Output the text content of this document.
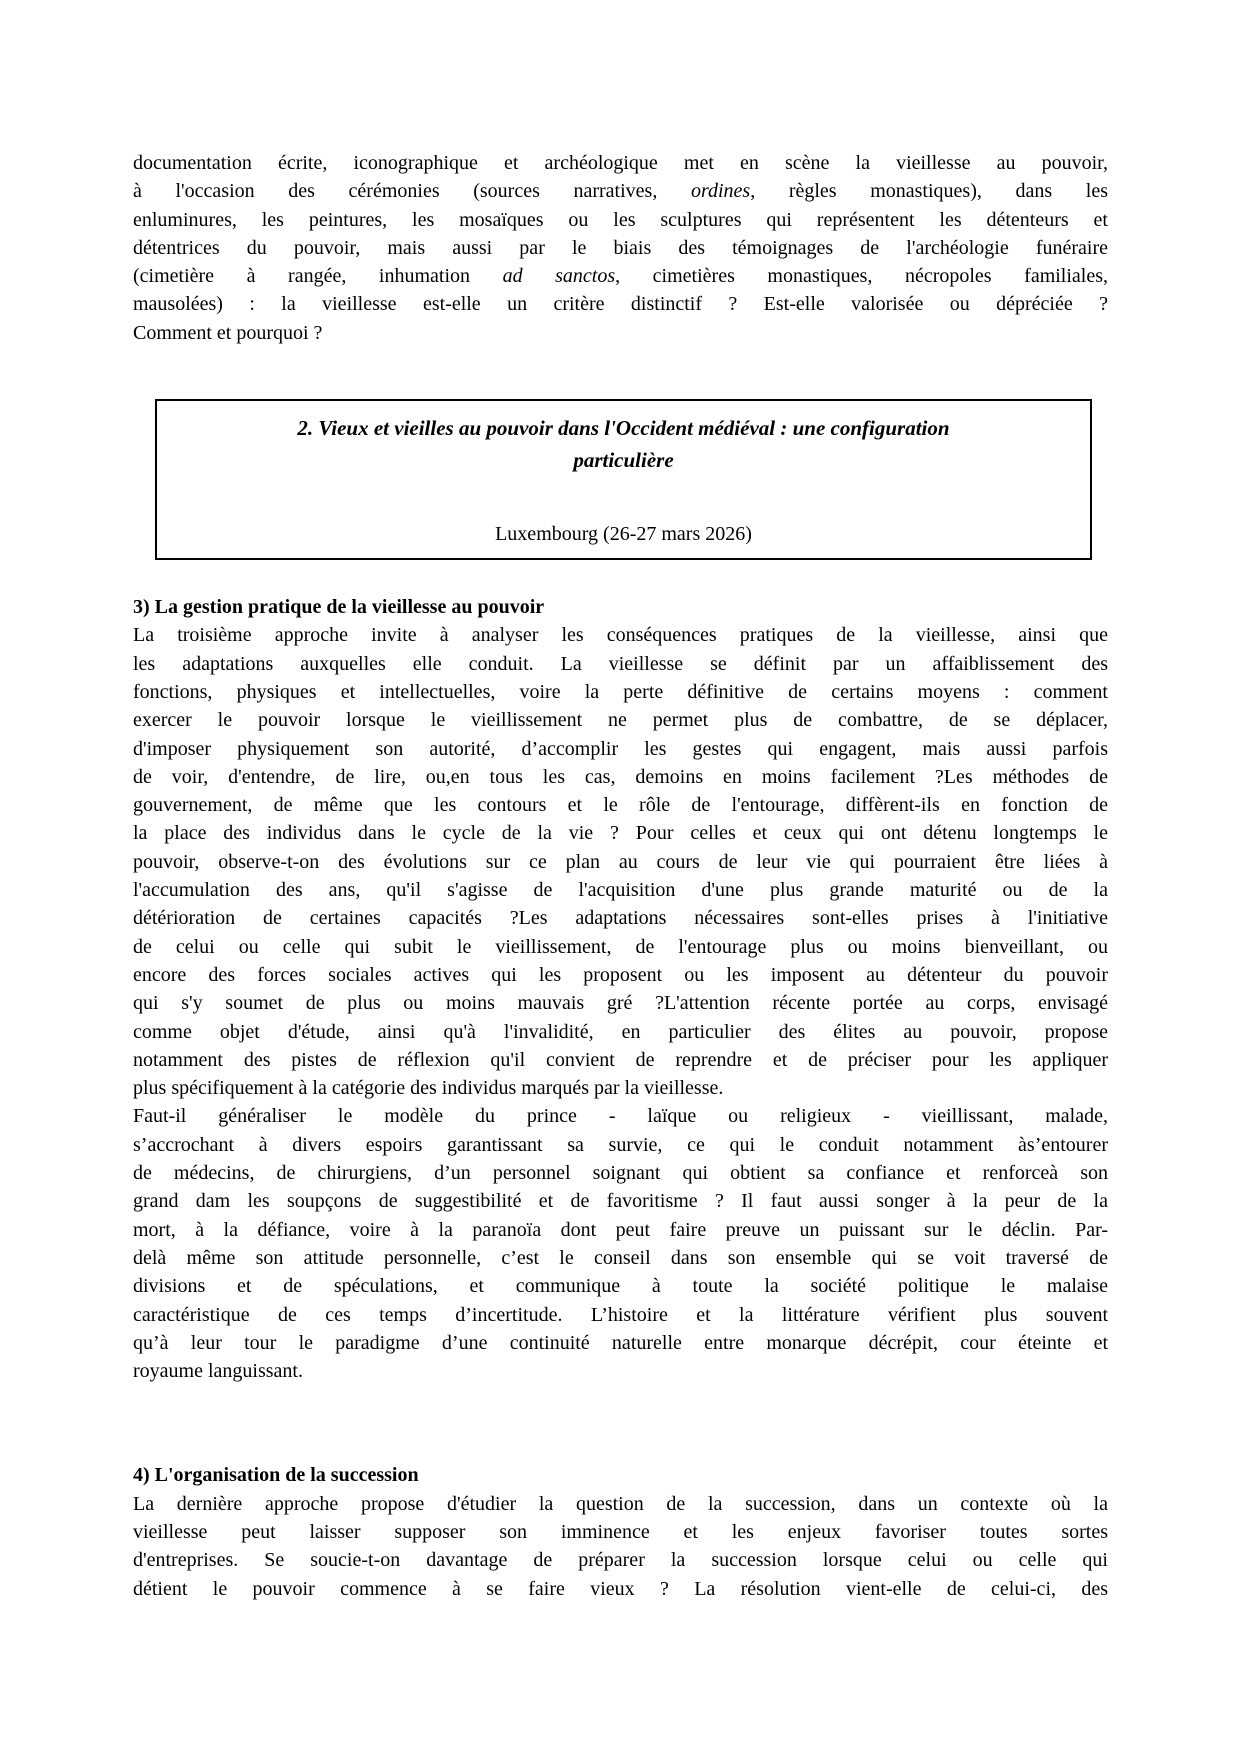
documentation écrite, iconographique et archéologique met en scène la vieillesse au pouvoir,
à l'occasion des cérémonies (sources narratives, ordines, règles monastiques), dans les
enluminures, les peintures, les mosaïques ou les sculptures qui représentent les détenteurs et
détentrices du pouvoir, mais aussi par le biais des témoignages de l'archéologie funéraire
(cimetière à rangée, inhumation ad sanctos, cimetières monastiques, nécropoles familiales,
mausolées) : la vieillesse est-elle un critère distinctif ? Est-elle valorisée ou dépréciée ?
Comment et pourquoi ?
2. Vieux et vieilles au pouvoir dans l'Occident médiéval : une configuration
particulière
Luxembourg (26-27 mars 2026)
3) La gestion pratique de la vieillesse au pouvoir
La troisième approche invite à analyser les conséquences pratiques de la vieillesse, ainsi que
les adaptations auxquelles elle conduit. La vieillesse se définit par un affaiblissement des
fonctions, physiques et intellectuelles, voire la perte définitive de certains moyens : comment
exercer le pouvoir lorsque le vieillissement ne permet plus de combattre, de se déplacer,
d'imposer physiquement son autorité, d’accomplir les gestes qui engagent, mais aussi parfois
de voir, d'entendre, de lire, ou,en tous les cas, demoins en moins facilement ?Les méthodes de
gouvernement, de même que les contours et le rôle de l'entourage, diffèrent-ils en fonction de
la place des individus dans le cycle de la vie ? Pour celles et ceux qui ont détenu longtemps le
pouvoir, observe-t-on des évolutions sur ce plan au cours de leur vie qui pourraient être liées à
l'accumulation des ans, qu'il s'agisse de l'acquisition d'une plus grande maturité ou de la
détérioration de certaines capacités ?Les adaptations nécessaires sont-elles prises à l'initiative
de celui ou celle qui subit le vieillissement, de l'entourage plus ou moins bienveillant, ou
encore des forces sociales actives qui les proposent ou les imposent au détenteur du pouvoir
qui s'y soumet de plus ou moins mauvais gré ?L'attention récente portée au corps, envisagé
comme objet d'étude, ainsi qu'à l'invalidité, en particulier des élites au pouvoir, propose
notamment des pistes de réflexion qu'il convient de reprendre et de préciser pour les appliquer
plus spécifiquement à la catégorie des individus marqués par la vieillesse.
Faut-il généraliser le modèle du prince - laïque ou religieux - vieillissant, malade,
s’accrochant à divers espoirs garantissant sa survie, ce qui le conduit notamment às’entourer
de médecins, de chirurgiens, d’un personnel soignant qui obtient sa confiance et renforceà son
grand dam les soupçons de suggestibilité et de favoritisme ? Il faut aussi songer à la peur de la
mort, à la défiance, voire à la paranoïa dont peut faire preuve un puissant sur le déclin. Par-
delà même son attitude personnelle, c’est le conseil dans son ensemble qui se voit traversé de
divisions et de spéculations, et communique à toute la société politique le malaise
caractéristique de ces temps d’incertitude. L’histoire et la littérature vérifient plus souvent
qu’à leur tour le paradigme d’une continuité naturelle entre monarque décrépit, cour éteinte et
royaume languissant.
4) L'organisation de la succession
La dernière approche propose d'étudier la question de la succession, dans un contexte où la
vieillesse peut laisser supposer son imminence et les enjeux favoriser toutes sortes
d'entreprises. Se soucie-t-on davantage de préparer la succession lorsque celui ou celle qui
détient le pouvoir commence à se faire vieux ? La résolution vient-elle de celui-ci, des
